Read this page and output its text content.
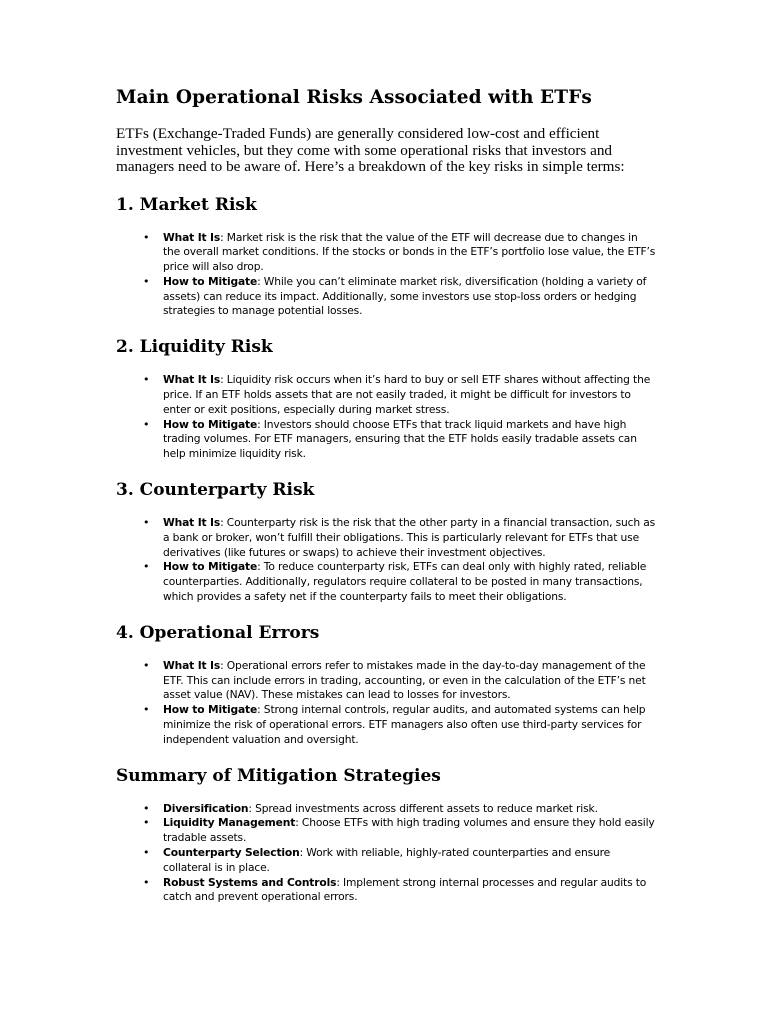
Main Operational Risks Associated with ETFs

ETFs (Exchange-Traded Funds) are generally considered low-cost and efficient investment vehicles, but they come with some operational risks that investors and managers need to be aware of. Here’s a breakdown of the key risks in simple terms:

1. Market Risk
• What It Is: Market risk is the risk that the value of the ETF will decrease due to changes in the overall market conditions. If the stocks or bonds in the ETF’s portfolio lose value, the ETF’s price will also drop.
• How to Mitigate: While you can’t eliminate market risk, diversification (holding a variety of assets) can reduce its impact. Additionally, some investors use stop-loss orders or hedging strategies to manage potential losses.
2. Liquidity Risk
• What It Is: Liquidity risk occurs when it’s hard to buy or sell ETF shares without affecting the price. If an ETF holds assets that are not easily traded, it might be difficult for investors to enter or exit positions, especially during market stress.
• How to Mitigate: Investors should choose ETFs that track liquid markets and have high trading volumes. For ETF managers, ensuring that the ETF holds easily tradable assets can help minimize liquidity risk.
3. Counterparty Risk
• What It Is: Counterparty risk is the risk that the other party in a financial transaction, such as a bank or broker, won’t fulfill their obligations. This is particularly relevant for ETFs that use derivatives (like futures or swaps) to achieve their investment objectives.
• How to Mitigate: To reduce counterparty risk, ETFs can deal only with highly rated, reliable counterparties. Additionally, regulators require collateral to be posted in many transactions, which provides a safety net if the counterparty fails to meet their obligations.
4. Operational Errors
• What It Is: Operational errors refer to mistakes made in the day-to-day management of the ETF. This can include errors in trading, accounting, or even in the calculation of the ETF’s net asset value (NAV). These mistakes can lead to losses for investors.
• How to Mitigate: Strong internal controls, regular audits, and automated systems can help minimize the risk of operational errors. ETF managers also often use third-party services for independent valuation and oversight.
Summary of Mitigation Strategies
• Diversification: Spread investments across different assets to reduce market risk.
• Liquidity Management: Choose ETFs with high trading volumes and ensure they hold easily tradable assets.
• Counterparty Selection: Work with reliable, highly-rated counterparties and ensure collateral is in place.
• Robust Systems and Controls: Implement strong internal processes and regular audits to catch and prevent operational errors.
